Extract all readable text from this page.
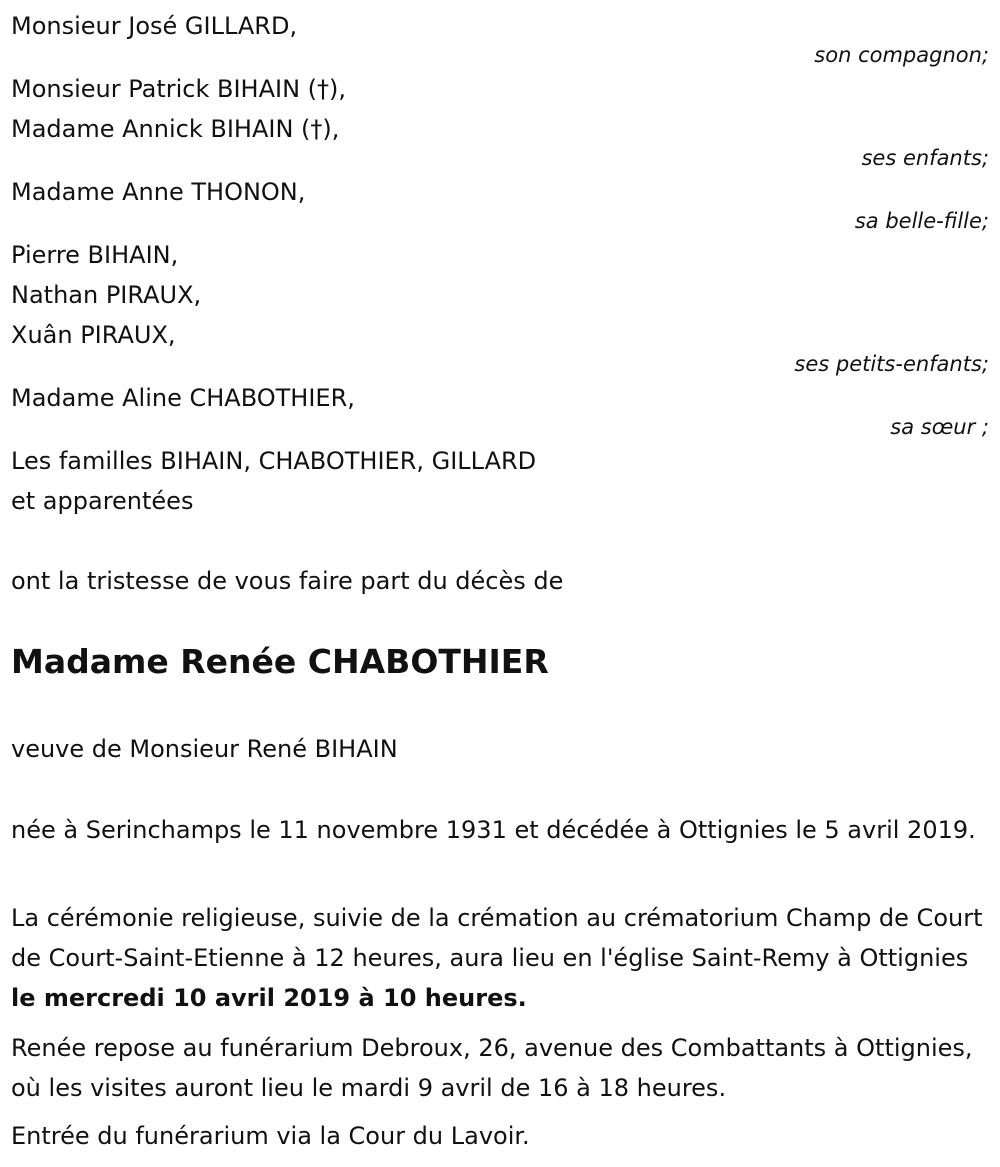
Monsieur José GILLARD,
son compagnon;
Monsieur Patrick BIHAIN (†),
Madame Annick BIHAIN (†),
ses enfants;
Madame Anne THONON,
sa belle-fille;
Pierre BIHAIN,
Nathan PIRAUX,
Xuân PIRAUX,
ses petits-enfants;
Madame Aline CHABOTHIER,
sa sœur ;
Les familles BIHAIN, CHABOTHIER, GILLARD
et apparentées
ont la tristesse de vous faire part du décès de
Madame Renée CHABOTHIER
veuve de Monsieur René BIHAIN
née à Serinchamps le 11 novembre 1931 et décédée à Ottignies le 5 avril 2019.
La cérémonie religieuse, suivie de la crémation au crématorium Champ de Court de Court-Saint-Etienne à 12 heures, aura lieu en l'église Saint-Remy à Ottignies le mercredi 10 avril 2019 à 10 heures.
Renée repose au funérarium Debroux, 26, avenue des Combattants à Ottignies, où les visites auront lieu le mardi 9 avril de 16 à 18 heures.
Entrée du funérarium via la Cour du Lavoir.
